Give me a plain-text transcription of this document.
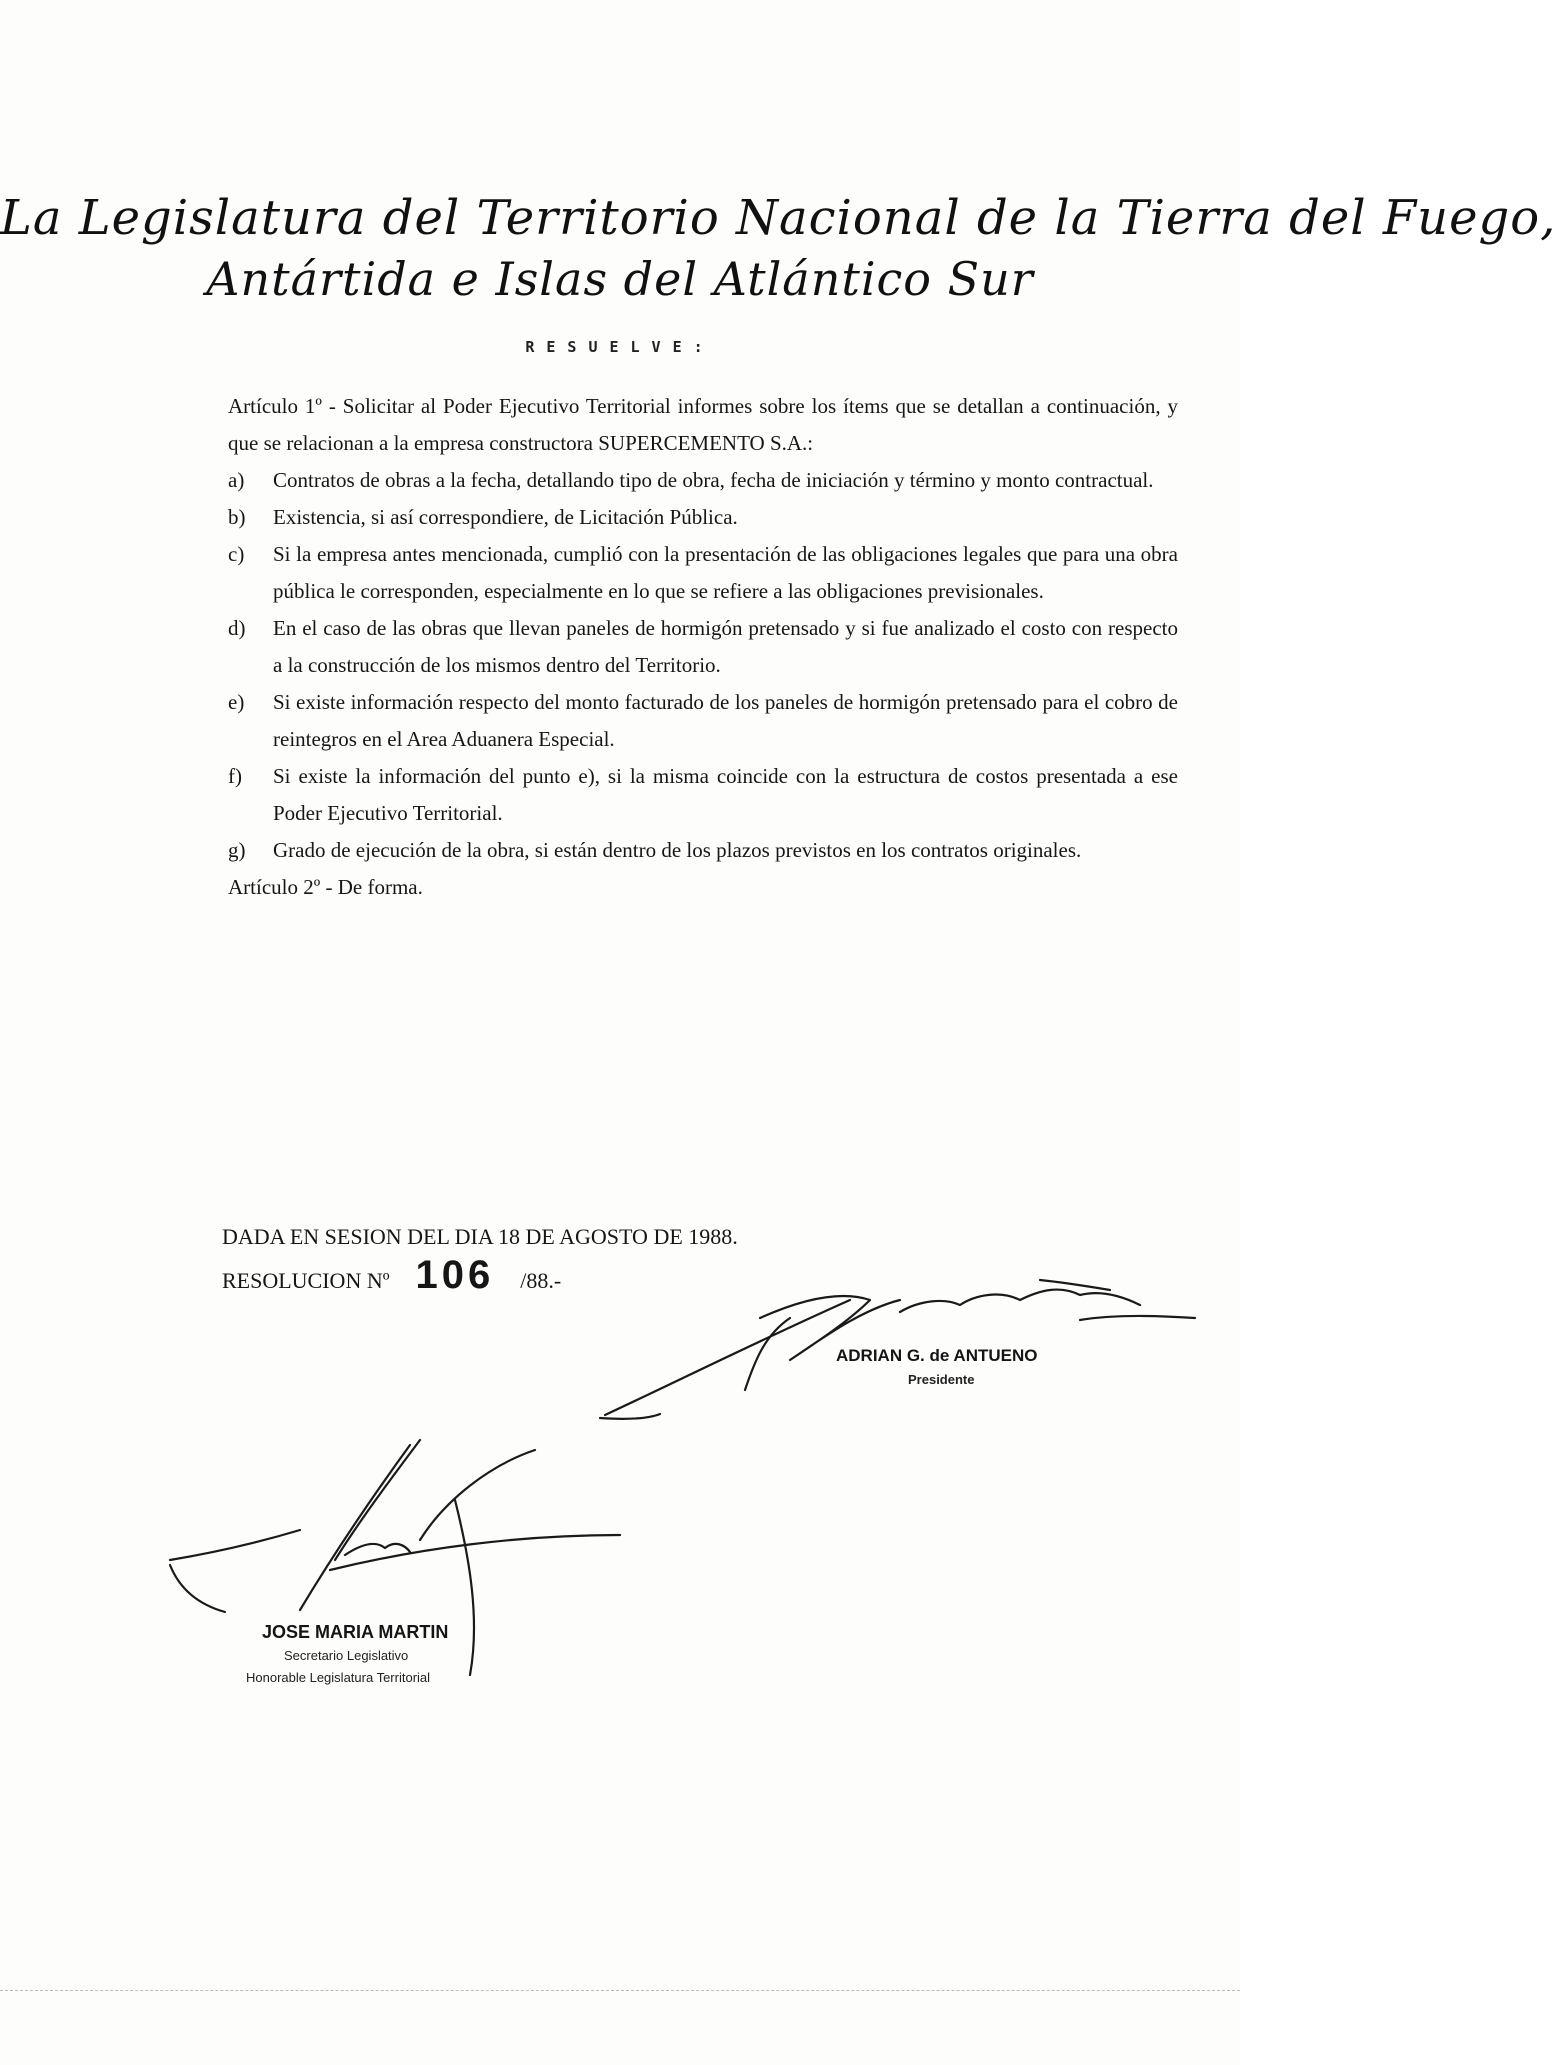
La Legislatura del Territorio Nacional de la Tierra del Fuego,
Antártida e Islas del Atlántico Sur
RESUELVE:

Artículo 1º - Solicitar al Poder Ejecutivo Territorial informes sobre los ítems que se detallan a continuación, y que se relacionan a la empresa constructora SUPERCEMENTO S.A.:

a)	Contratos de obras a la fecha, detallando tipo de obra, fecha de iniciación y término y monto contractual.
b)	Existencia, si así correspondiere, de Licitación Pública.
c)	Si la empresa antes mencionada, cumplió con la presentación de las obligaciones legales que para una obra pública le corresponden, especialmente en lo que se refiere a las obligaciones previsionales.
d)	En el caso de las obras que llevan paneles de hormigón pretensado y si fue analizado el costo con respecto a la construcción de los mismos dentro del Territorio.
e)	Si existe información respecto del monto facturado de los paneles de hormigón pretensado para el cobro de reintegros en el Area Aduanera Especial.
f)	Si existe la información del punto e), si la misma coincide con la estructura de costos presentada a ese Poder Ejecutivo Territorial.
g)	Grado de ejecución de la obra, si están dentro de los plazos previstos en los contratos originales.

Artículo 2º - De forma.

DADA EN SESION DEL DIA 18 DE AGOSTO DE 1988.
RESOLUCION Nº 106 /88.-
ADRIAN G. de ANTUENO
Presidente
JOSE MARIA MARTIN
Secretario Legislativo
Honorable Legislatura Territorial
